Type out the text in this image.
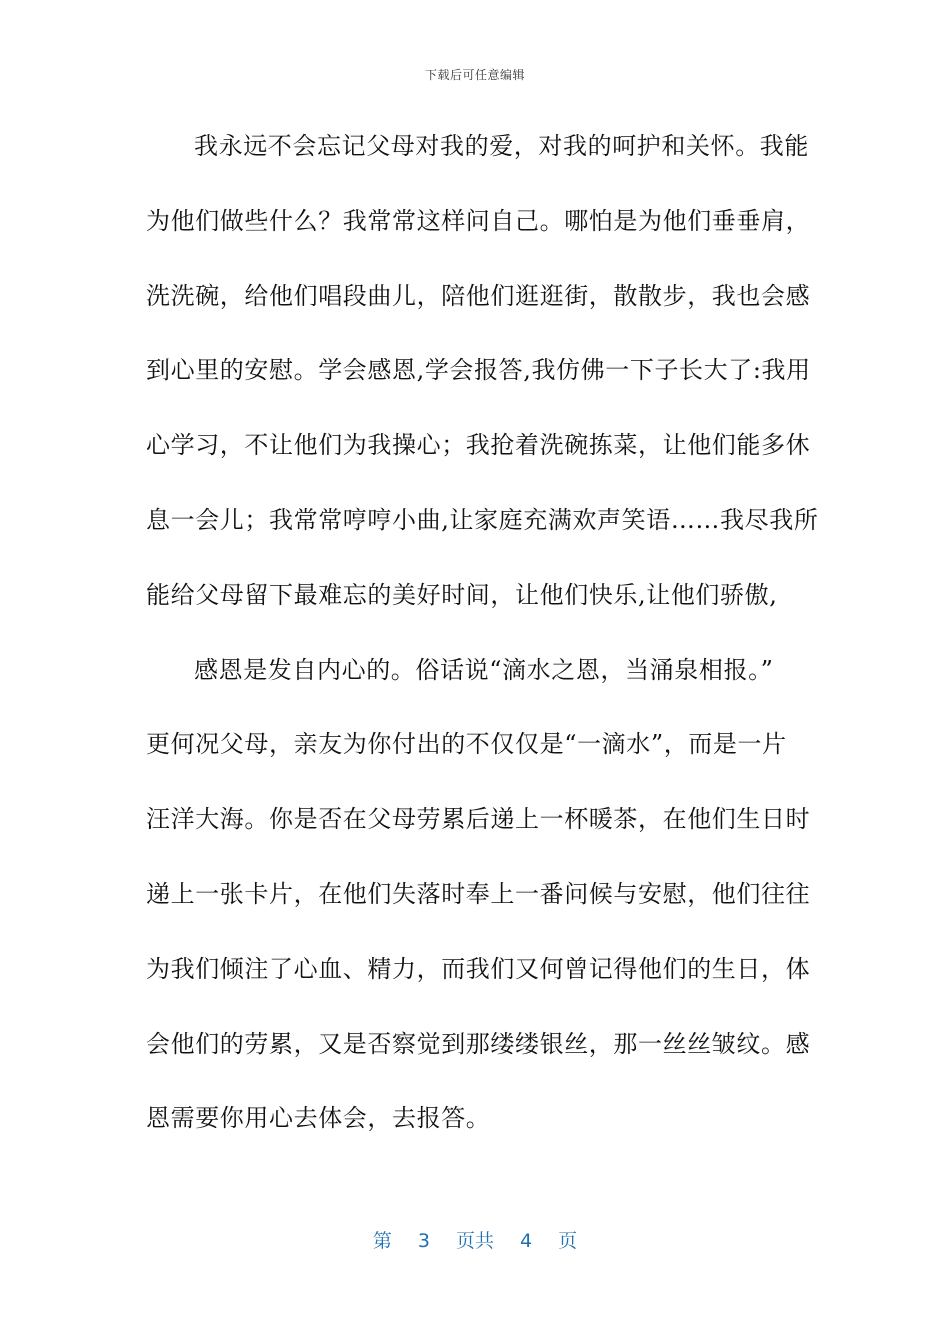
下载后可任意编辑
我永远不会忘记父母对我的爱，对我的呵护和关怀。我能
为他们做些什么？我常常这样问自己。哪怕是为他们垂垂肩，
洗洗碗，给他们唱段曲儿，陪他们逛逛街，散散步，我也会感
到心里的安慰。学会感恩,学会报答,我仿佛一下子长大了:我用
心学习，不让他们为我操心；我抢着洗碗拣菜，让他们能多休
息一会儿；我常常哼哼小曲,让家庭充满欢声笑语……我尽我所
能给父母留下最难忘的美好时间，让他们快乐,让他们骄傲,
感恩是发自内心的。俗话说“滴水之恩，当涌泉相报。”
更何况父母，亲友为你付出的不仅仅是“一滴水”，而是一片
汪洋大海。你是否在父母劳累后递上一杯暖茶，在他们生日时
递上一张卡片，在他们失落时奉上一番问候与安慰，他们往往
为我们倾注了心血、精力，而我们又何曾记得他们的生日，体
会他们的劳累，又是否察觉到那缕缕银丝，那一丝丝皱纹。感
恩需要你用心去体会，去报答。
第 3 页共 4 页
